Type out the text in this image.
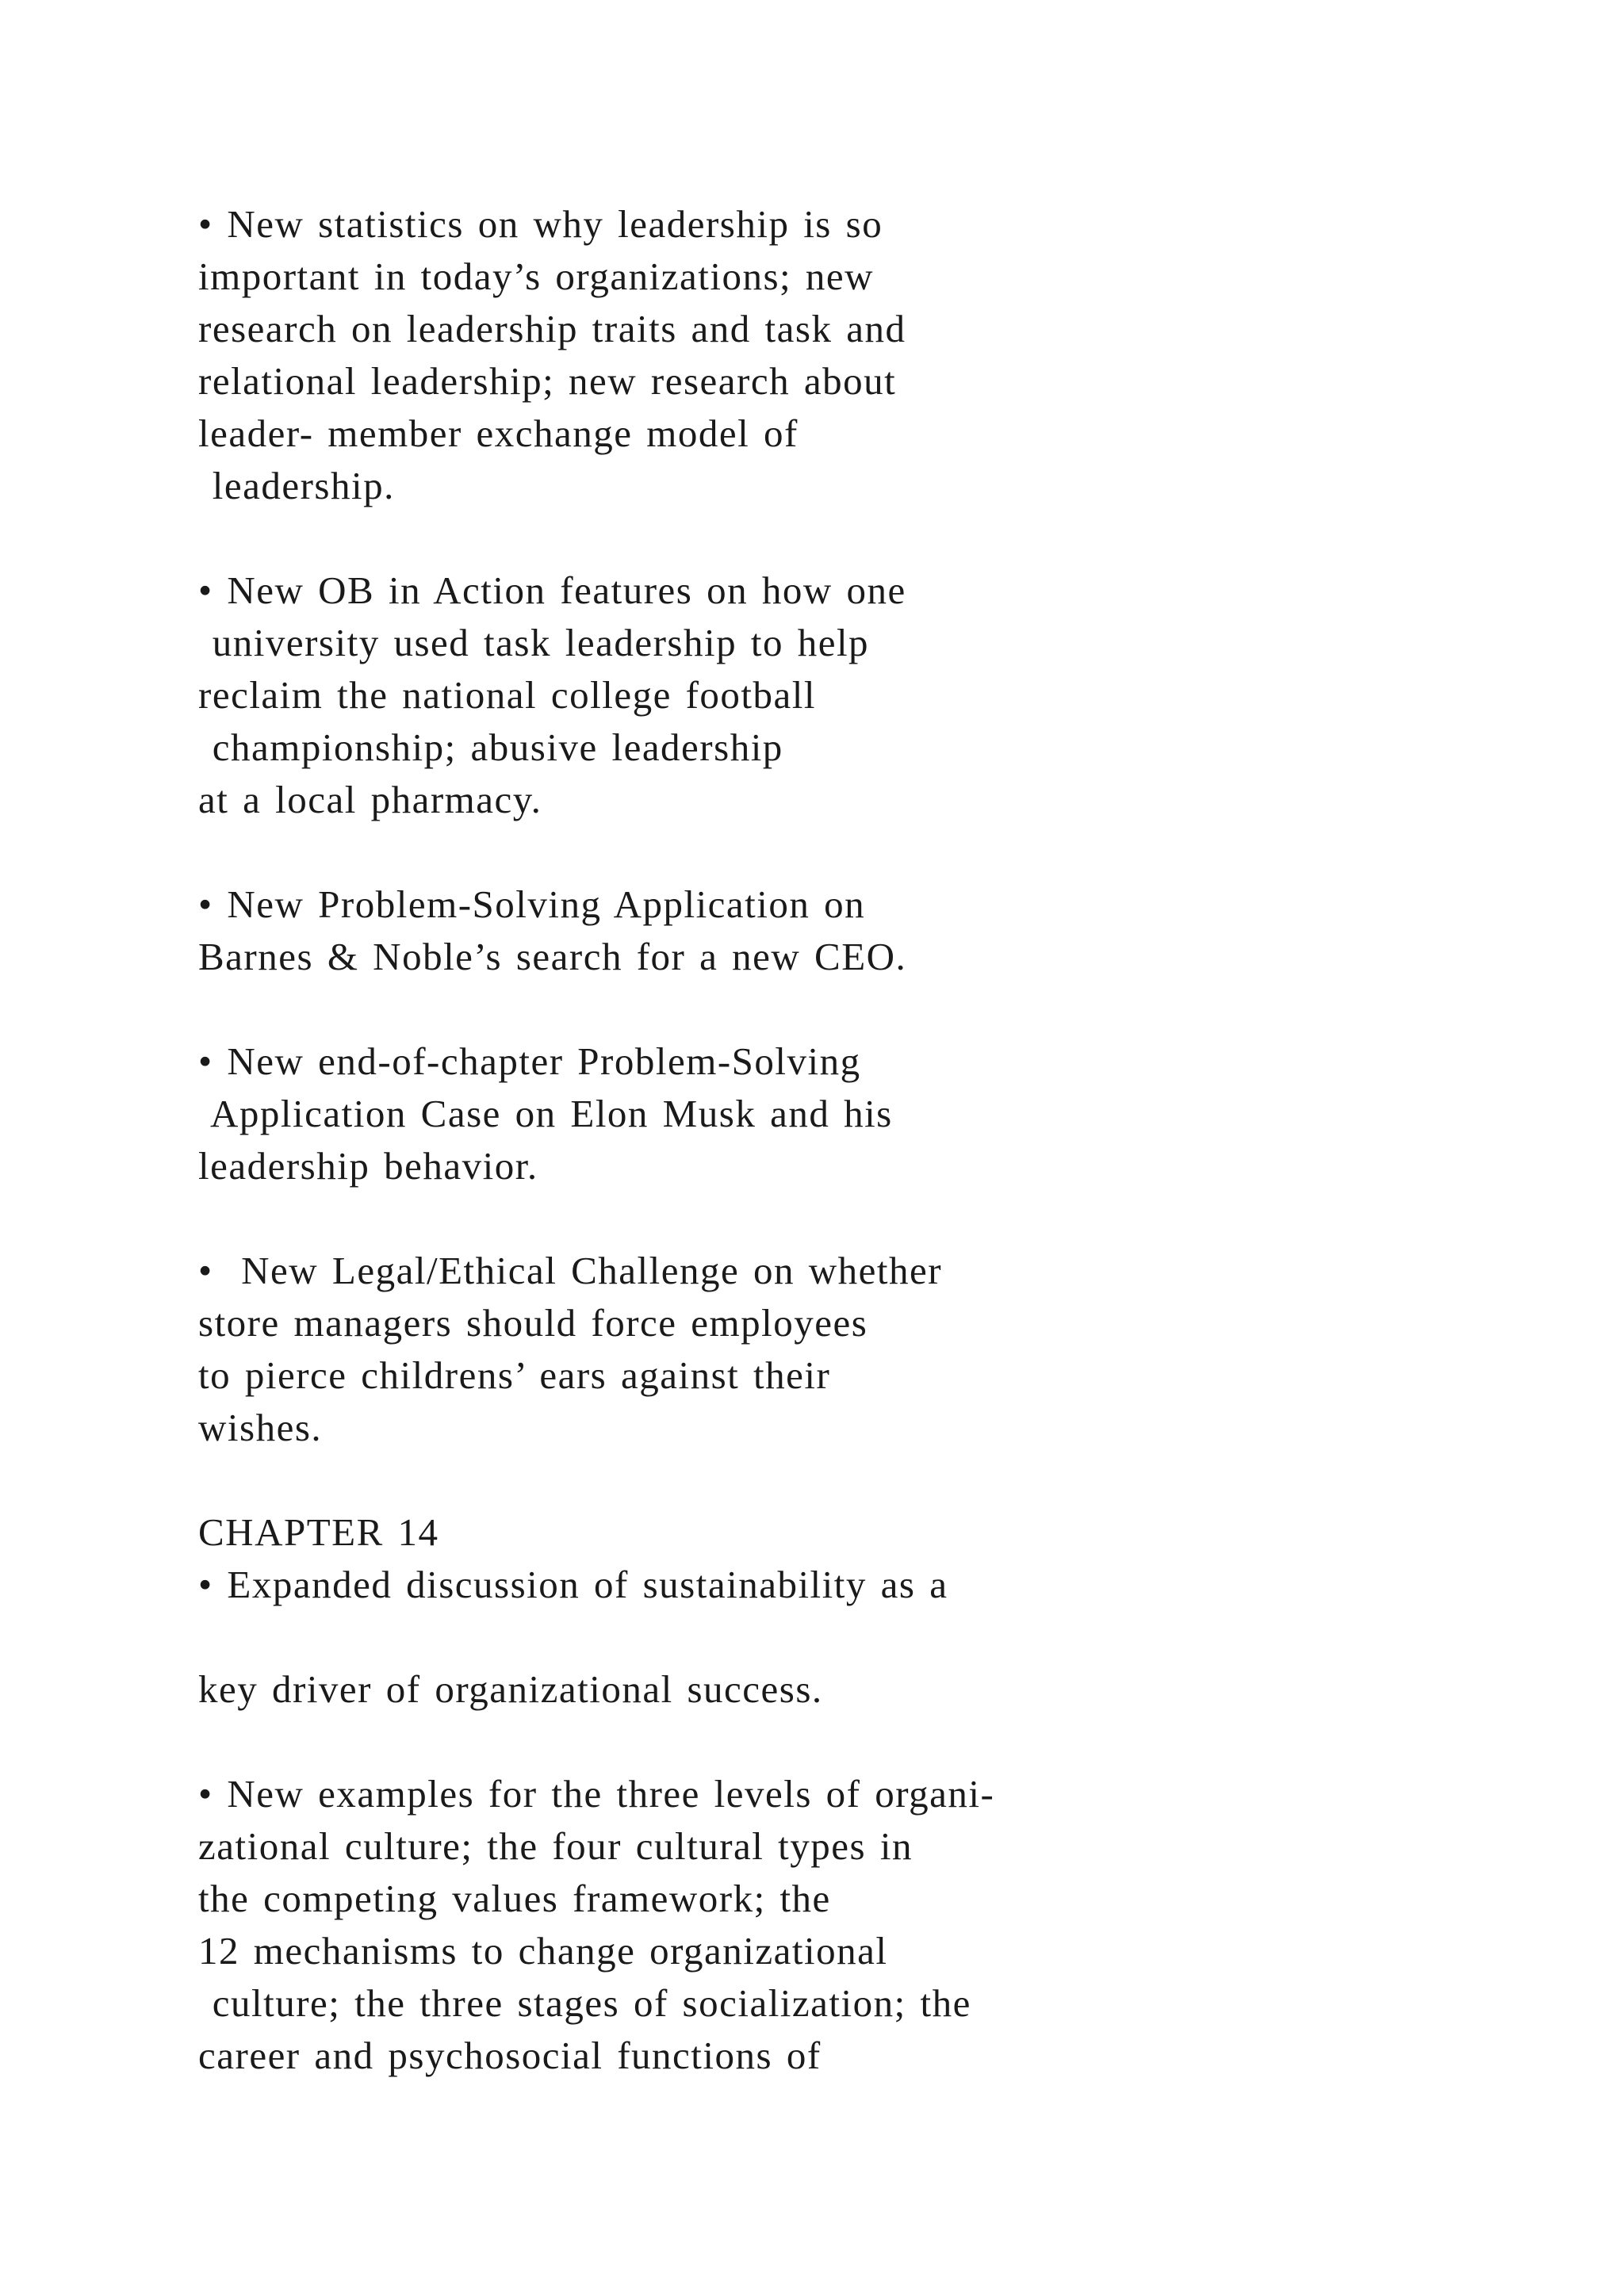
• New statistics on why leadership is so
important in today’s organizations; new
research on leadership traits and task and
relational leadership; new research about
leader- member exchange model of
leadership.
• New OB in Action features on how one
university used task leadership to help
reclaim the national college football
championship; abusive leadership
at a local pharmacy.
• New Problem-Solving Application on
Barnes & Noble’s search for a new CEO.
• New end-of-chapter Problem-Solving
Application Case on Elon Musk and his
leadership behavior.
•  New Legal/Ethical Challenge on whether
store managers should force employees
to pierce childrens’ ears against their
wishes.
CHAPTER 14
• Expanded discussion of sustainability as a
key driver of organizational success.
• New examples for the three levels of organi-
zational culture; the four cultural types in
the competing values framework; the
12 mechanisms to change organizational
culture; the three stages of socialization; the
career and psychosocial functions of
